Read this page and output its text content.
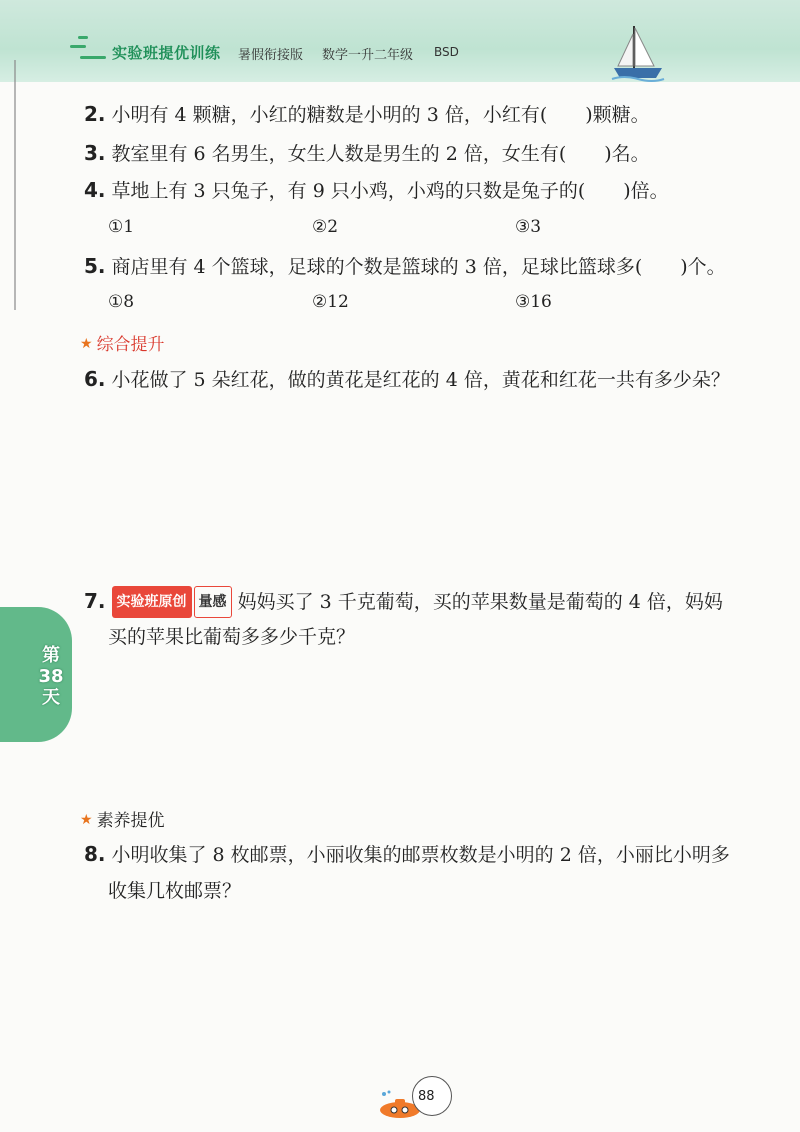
实验班提优训练 暑假衔接版 数学一升二年级 BSD
2. 小明有 4 颗糖，小红的糖数是小明的 3 倍，小红有(　　)颗糖。
3. 教室里有 6 名男生，女生人数是男生的 2 倍，女生有(　　)名。
4. 草地上有 3 只兔子，有 9 只小鸡，小鸡的只数是兔子的(　　)倍。
①1	②2	③3
5. 商店里有 4 个篮球，足球的个数是篮球的 3 倍，足球比篮球多(　　)个。
①8	②12	③16
★ 综合提升
6. 小花做了 5 朵红花，做的黄花是红花的 4 倍，黄花和红花一共有多少朵？
7. 实验班原创 量感 妈妈买了 3 千克葡萄，买的苹果数量是葡萄的 4 倍，妈妈
买的苹果比葡萄多多少千克？
第
38
天
★ 素养提优
8. 小明收集了 8 枚邮票，小丽收集的邮票枚数是小明的 2 倍，小丽比小明多
收集几枚邮票？
88
